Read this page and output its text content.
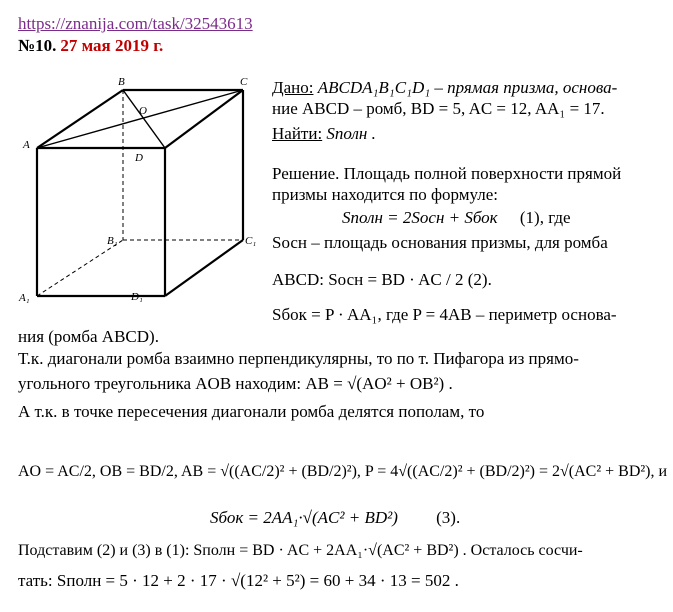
https://znanija.com/task/32543613
№10. 27 мая 2019 г.
A
B	C
D
O
A₁
B₁	C₁
D₁
Дано: ABCDA₁B₁C₁D₁ – прямая призма, основа-
ние ABCD – ромб, BD = 5, AC = 12, AA₁ = 17.
Найти: Sполн .
Решение. Площадь полной поверхности прямой
призмы находится по формуле:
Sполн = 2Sосн + Sбок (1), где
Sосн – площадь основания призмы, для ромба
ABCD: Sосн = BD · AC / 2 (2).
Sбок = P · AA₁, где P = 4AB – периметр основа-
ния (ромба ABCD).
Т.к. диагонали ромба взаимно перпендикулярны, то по т. Пифагора из прямо-
угольного треугольника AOB находим: AB = √(AO² + OB²) .
А т.к. в точке пересечения диагонали ромба делятся пополам, то
AO = AC/2, OB = BD/2, AB = √((AC/2)² + (BD/2)²), P = 4√((AC/2)² + (BD/2)²) = 2√(AC² + BD²), и
Sбок = 2AA₁·√(AC² + BD²) (3).
Подставим (2) и (3) в (1): Sполн = BD · AC + 2AA₁·√(AC² + BD²) . Осталось сосчи-
тать: Sполн = 5 · 12 + 2 · 17 · √(12² + 5²) = 60 + 34 · 13 = 502 .
